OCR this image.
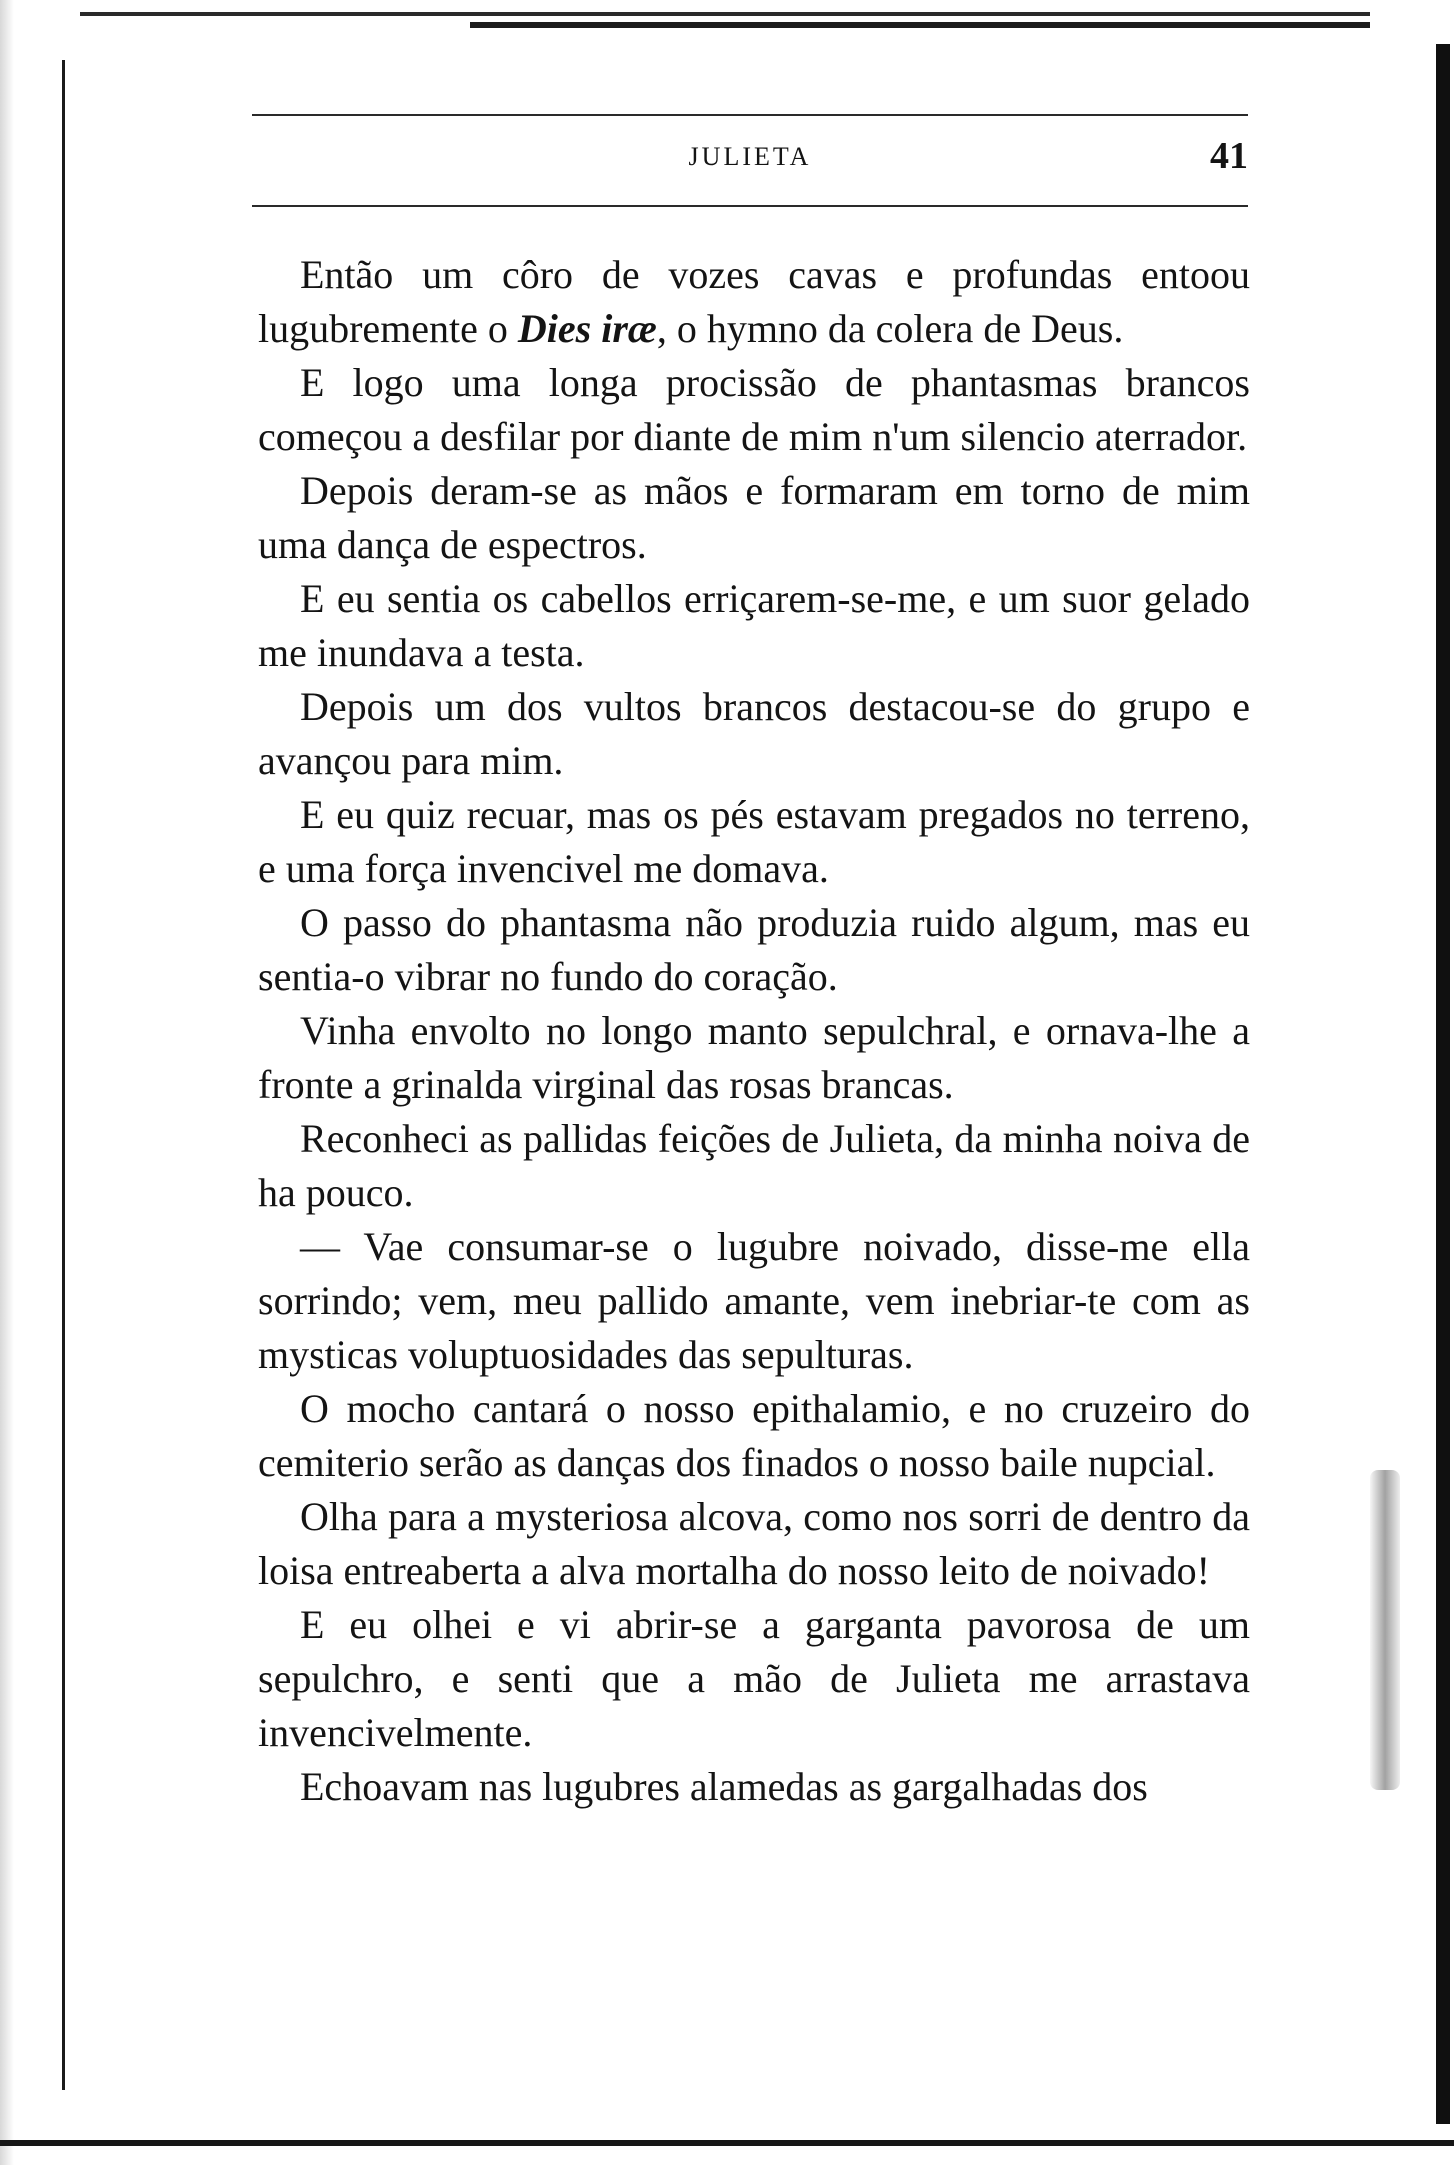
JULIETA	41

Então um côro de vozes cavas e profundas entoou lugubremente o Dies iræ, o hymno da colera de Deus.

E logo uma longa procissão de phantasmas brancos começou a desfilar por diante de mim n'um silencio aterrador.

Depois deram-se as mãos e formaram em torno de mim uma dança de espectros.

E eu sentia os cabellos erriçarem-se-me, e um suor gelado me inundava a testa.

Depois um dos vultos brancos destacou-se do grupo e avançou para mim.

E eu quiz recuar, mas os pés estavam pregados no terreno, e uma força invencivel me domava.

O passo do phantasma não produzia ruido algum, mas eu sentia-o vibrar no fundo do coração.

Vinha envolto no longo manto sepulchral, e ornava-lhe a fronte a grinalda virginal das rosas brancas.

Reconheci as pallidas feições de Julieta, da minha noiva de ha pouco.

— Vae consumar-se o lugubre noivado, disse-me ella sorrindo; vem, meu pallido amante, vem inebriar-te com as mysticas voluptuosidades das sepulturas.

O mocho cantará o nosso epithalamio, e no cruzeiro do cemiterio serão as danças dos finados o nosso baile nupcial.

Olha para a mysteriosa alcova, como nos sorri de dentro da loisa entreaberta a alva mortalha do nosso leito de noivado!

E eu olhei e vi abrir-se a garganta pavorosa de um sepulchro, e senti que a mão de Julieta me arrastava invencivelmente.

Echoavam nas lugubres alamedas as gargalhadas dos
